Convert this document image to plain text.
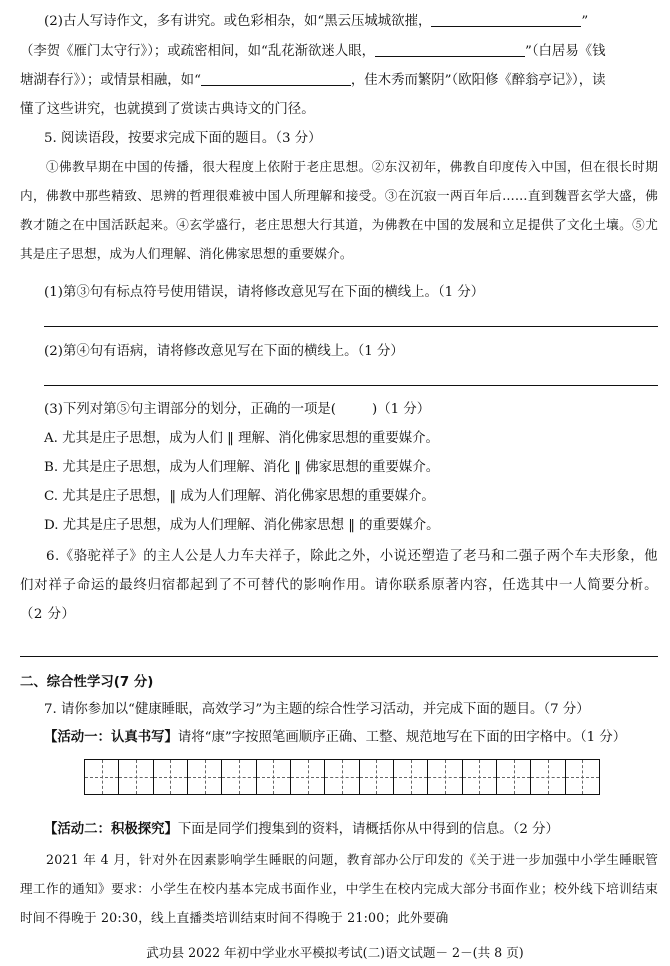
(2)古人写诗作文，多有讲究。或色彩相杂，如“黑云压城城欲摧，	”
（李贺《雁门太守行》）；或疏密相间，如“乱花渐欲迷人眼，	”（白居易《钱
塘湖春行》）；或情景相融，如“	，佳木秀而繁阴”（欧阳修《醉翁亭记》），读
懂了这些讲究，也就摸到了赏读古典诗文的门径。
5. 阅读语段，按要求完成下面的题目。（3 分）
①佛教早期在中国的传播，很大程度上依附于老庄思想。②东汉初年，佛教自印度传入中国，但在很长时期内，佛教中那些精致、思辨的哲理很难被中国人所理解和接受。③在沉寂一两百年后……直到魏晋玄学大盛，佛教才随之在中国活跃起来。④玄学盛行，老庄思想大行其道，为佛教在中国的发展和立足提供了文化土壤。⑤尤其是庄子思想，成为人们理解、消化佛家思想的重要媒介。
(1)第③句有标点符号使用错误，请将修改意见写在下面的横线上。（1 分）
(2)第④句有语病，请将修改意见写在下面的横线上。（1 分）
(3)下列对第⑤句主谓部分的划分，正确的一项是(	)（1 分）
A. 尤其是庄子思想，成为人们 ‖ 理解、消化佛家思想的重要媒介。
B. 尤其是庄子思想，成为人们理解、消化 ‖ 佛家思想的重要媒介。
C. 尤其是庄子思想，‖ 成为人们理解、消化佛家思想的重要媒介。
D. 尤其是庄子思想，成为人们理解、消化佛家思想 ‖ 的重要媒介。
6.《骆驼祥子》的主人公是人力车夫祥子，除此之外，小说还塑造了老马和二强子两个车夫形象，他们对祥子命运的最终归宿都起到了不可替代的影响作用。请你联系原著内容，任选其中一人简要分析。（2 分）
二、综合性学习(7 分)
7. 请你参加以“健康睡眠，高效学习”为主题的综合性学习活动，并完成下面的题目。（7 分）
【活动一：认真书写】请将“康”字按照笔画顺序正确、工整、规范地写在下面的田字格中。（1 分）
【活动二：积极探究】下面是同学们搜集到的资料，请概括你从中得到的信息。（2 分）
2021 年 4 月，针对外在因素影响学生睡眠的问题，教育部办公厅印发的《关于进一步加强中小学生睡眠管理工作的通知》要求：小学生在校内基本完成书面作业，中学生在校内完成大部分书面作业；校外线下培训结束时间不得晚于 20:30，线上直播类培训结束时间不得晚于 21:00；此外要确
武功县 2022 年初中学业水平模拟考试(二)语文试题－ 2－(共 8 页)
